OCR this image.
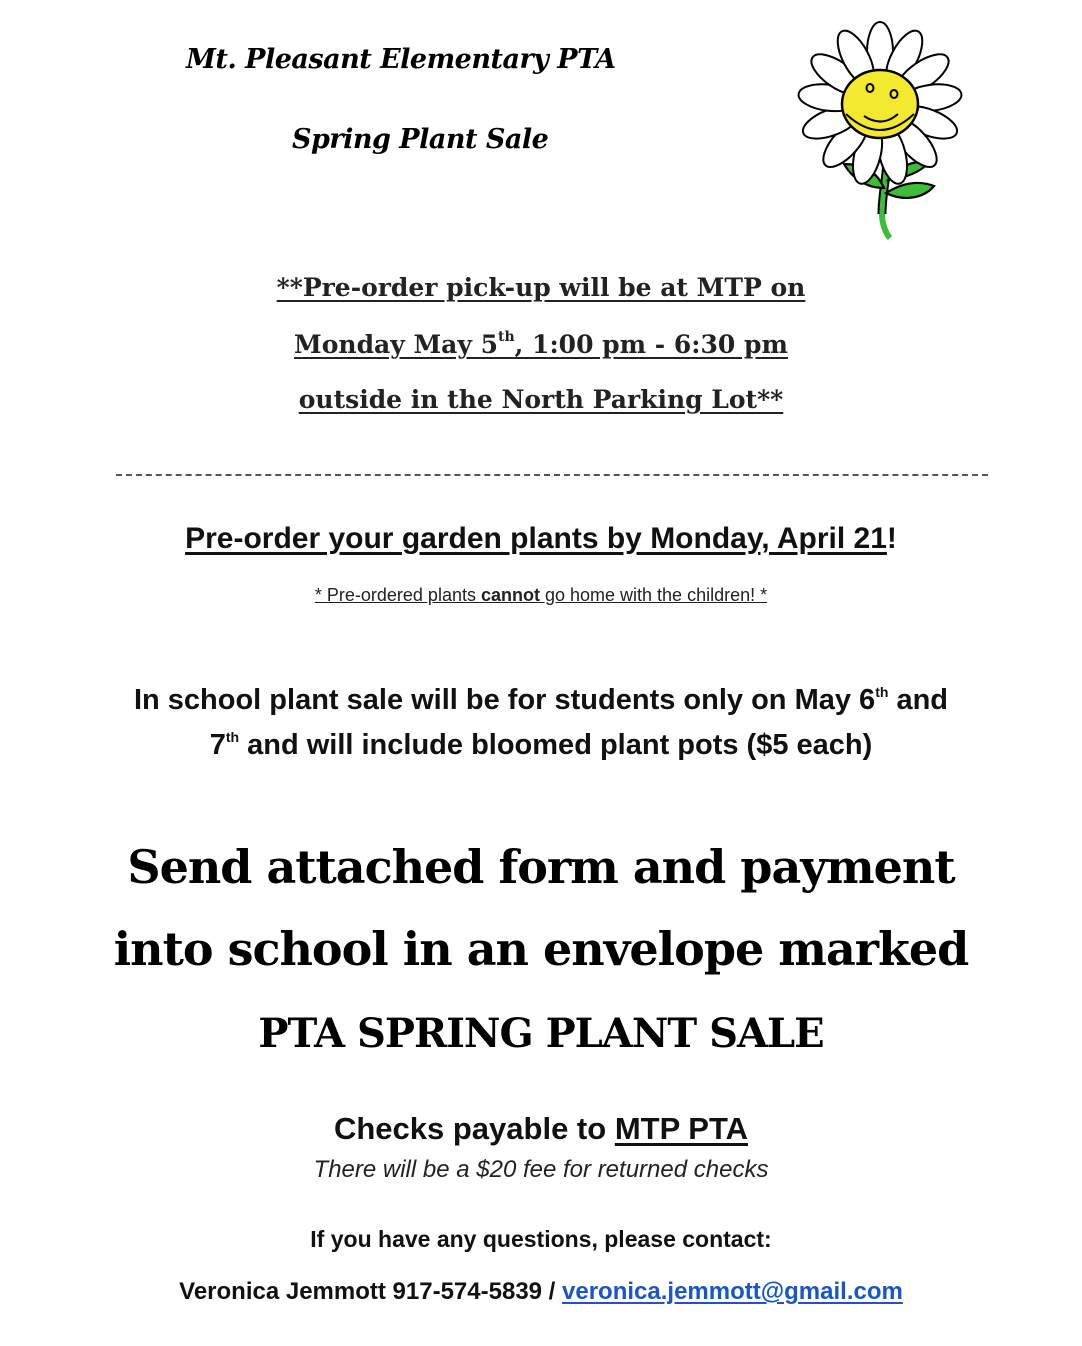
Mt. Pleasant Elementary PTA
Spring Plant Sale
**Pre-order pick-up will be at MTP on
Monday May 5th, 1:00 pm - 6:30 pm
outside in the North Parking Lot**
Pre-order your garden plants by Monday, April 21!
* Pre-ordered plants cannot go home with the children! *
In school plant sale will be for students only on May 6th and
7th and will include bloomed plant pots ($5 each)
Send attached form and payment
into school in an envelope marked
PTA SPRING PLANT SALE
Checks payable to MTP PTA
There will be a $20 fee for returned checks
If you have any questions, please contact:
Veronica Jemmott 917-574-5839 / veronica.jemmott@gmail.com
